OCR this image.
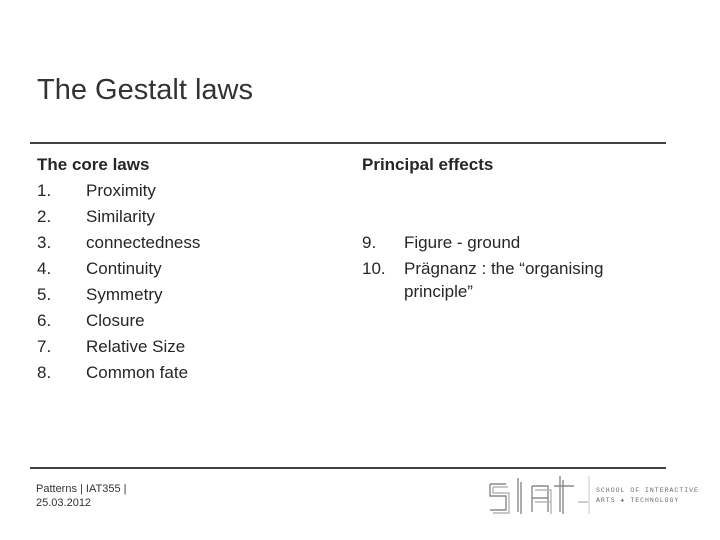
The Gestalt laws
The core laws
1.	Proximity
2.	Similarity
3.	connectedness
4.	Continuity
5.	Symmetry
6.	Closure
7.	Relative Size
8.	Common fate
Principal effects
9.	Figure - ground
10.	Prägnanz : the “organising principle”
Patterns | IAT355 |
25.03.2012
SCHOOL OF INTERACTIVE
ARTS ✚ TECHNOLOGY
